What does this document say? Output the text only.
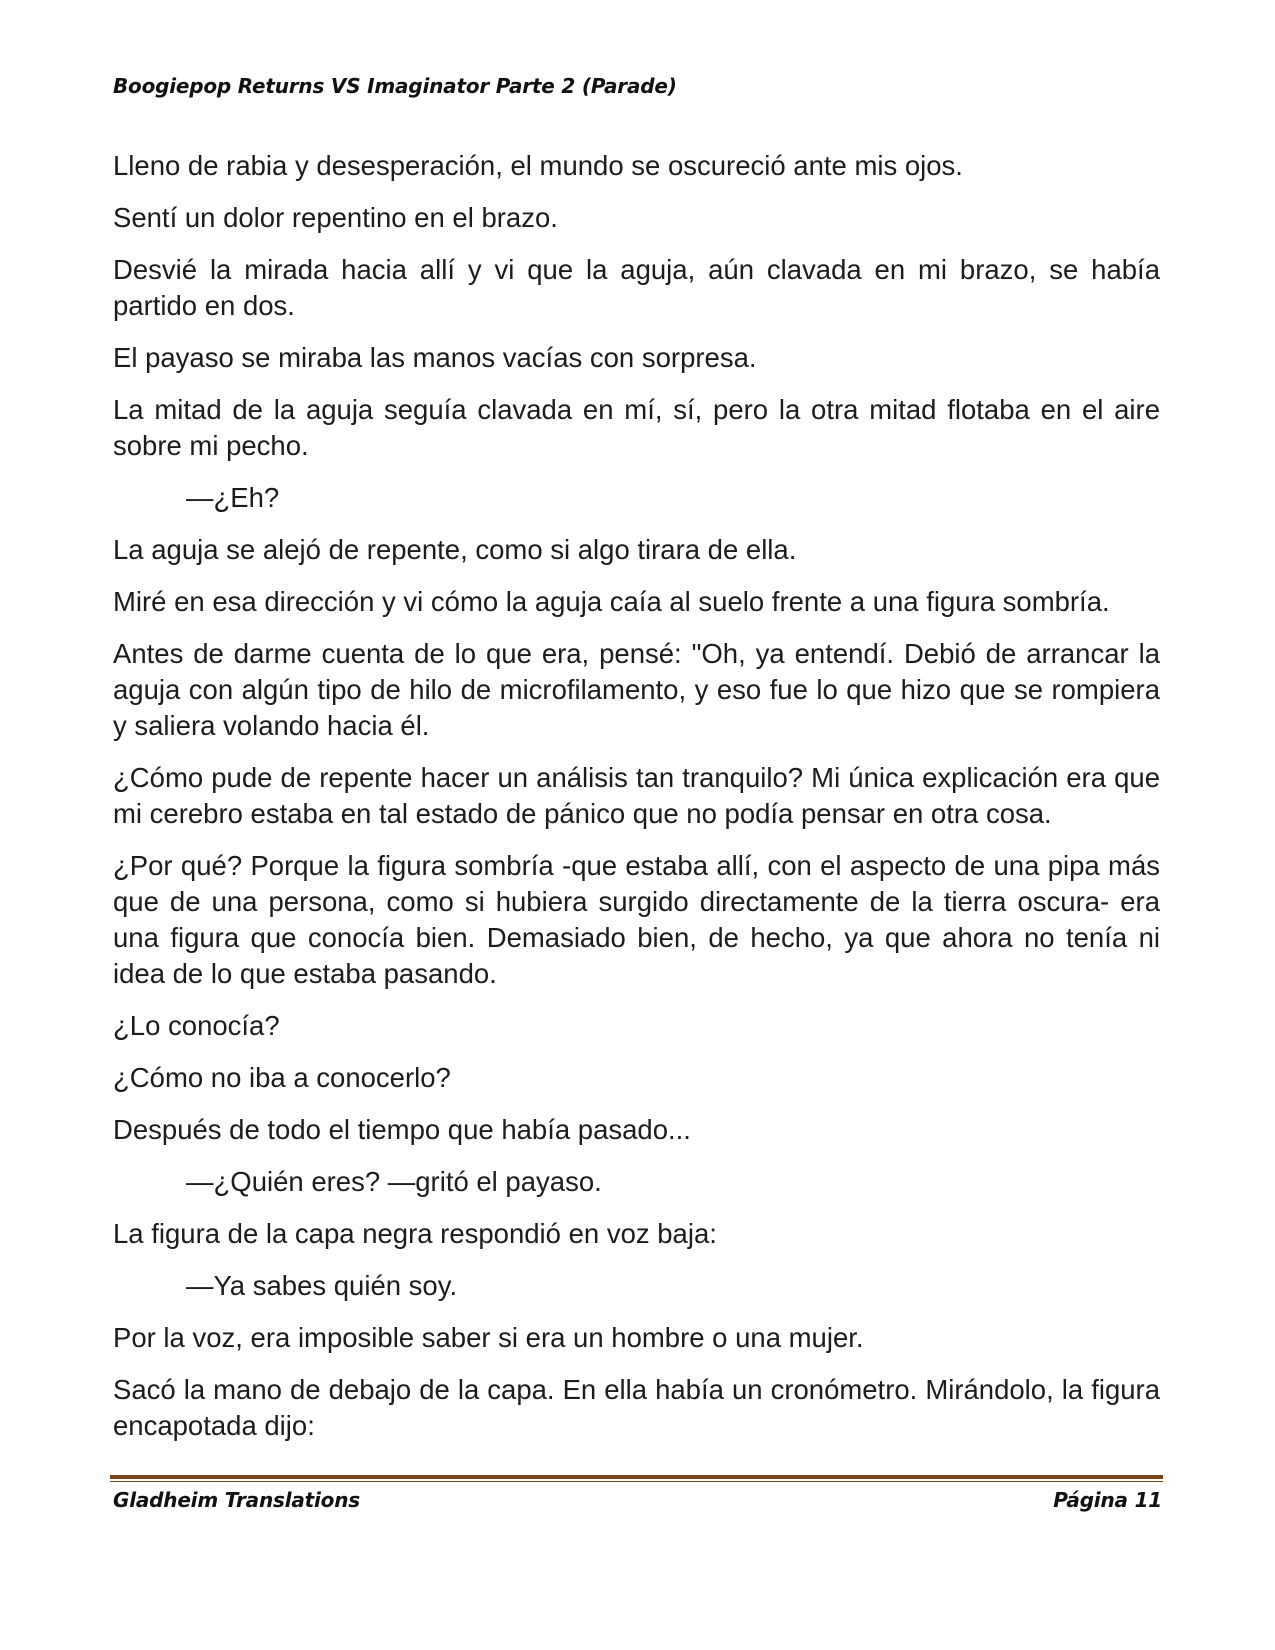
Boogiepop Returns VS Imaginator Parte 2 (Parade)

Lleno de rabia y desesperación, el mundo se oscureció ante mis ojos.

Sentí un dolor repentino en el brazo.

Desvié la mirada hacia allí y vi que la aguja, aún clavada en mi brazo, se había partido en dos.

El payaso se miraba las manos vacías con sorpresa.

La mitad de la aguja seguía clavada en mí, sí, pero la otra mitad flotaba en el aire sobre mi pecho.

—¿Eh?

La aguja se alejó de repente, como si algo tirara de ella.

Miré en esa dirección y vi cómo la aguja caía al suelo frente a una figura sombría.

Antes de darme cuenta de lo que era, pensé: "Oh, ya entendí. Debió de arrancar la aguja con algún tipo de hilo de microfilamento, y eso fue lo que hizo que se rompiera y saliera volando hacia él.

¿Cómo pude de repente hacer un análisis tan tranquilo? Mi única explicación era que mi cerebro estaba en tal estado de pánico que no podía pensar en otra cosa.

¿Por qué? Porque la figura sombría -que estaba allí, con el aspecto de una pipa más que de una persona, como si hubiera surgido directamente de la tierra oscura- era una figura que conocía bien. Demasiado bien, de hecho, ya que ahora no tenía ni idea de lo que estaba pasando.

¿Lo conocía?

¿Cómo no iba a conocerlo?

Después de todo el tiempo que había pasado...

—¿Quién eres? —gritó el payaso.

La figura de la capa negra respondió en voz baja:

—Ya sabes quién soy.

Por la voz, era imposible saber si era un hombre o una mujer.

Sacó la mano de debajo de la capa. En ella había un cronómetro. Mirándolo, la figura encapotada dijo:

Gladheim Translations	Página 11
